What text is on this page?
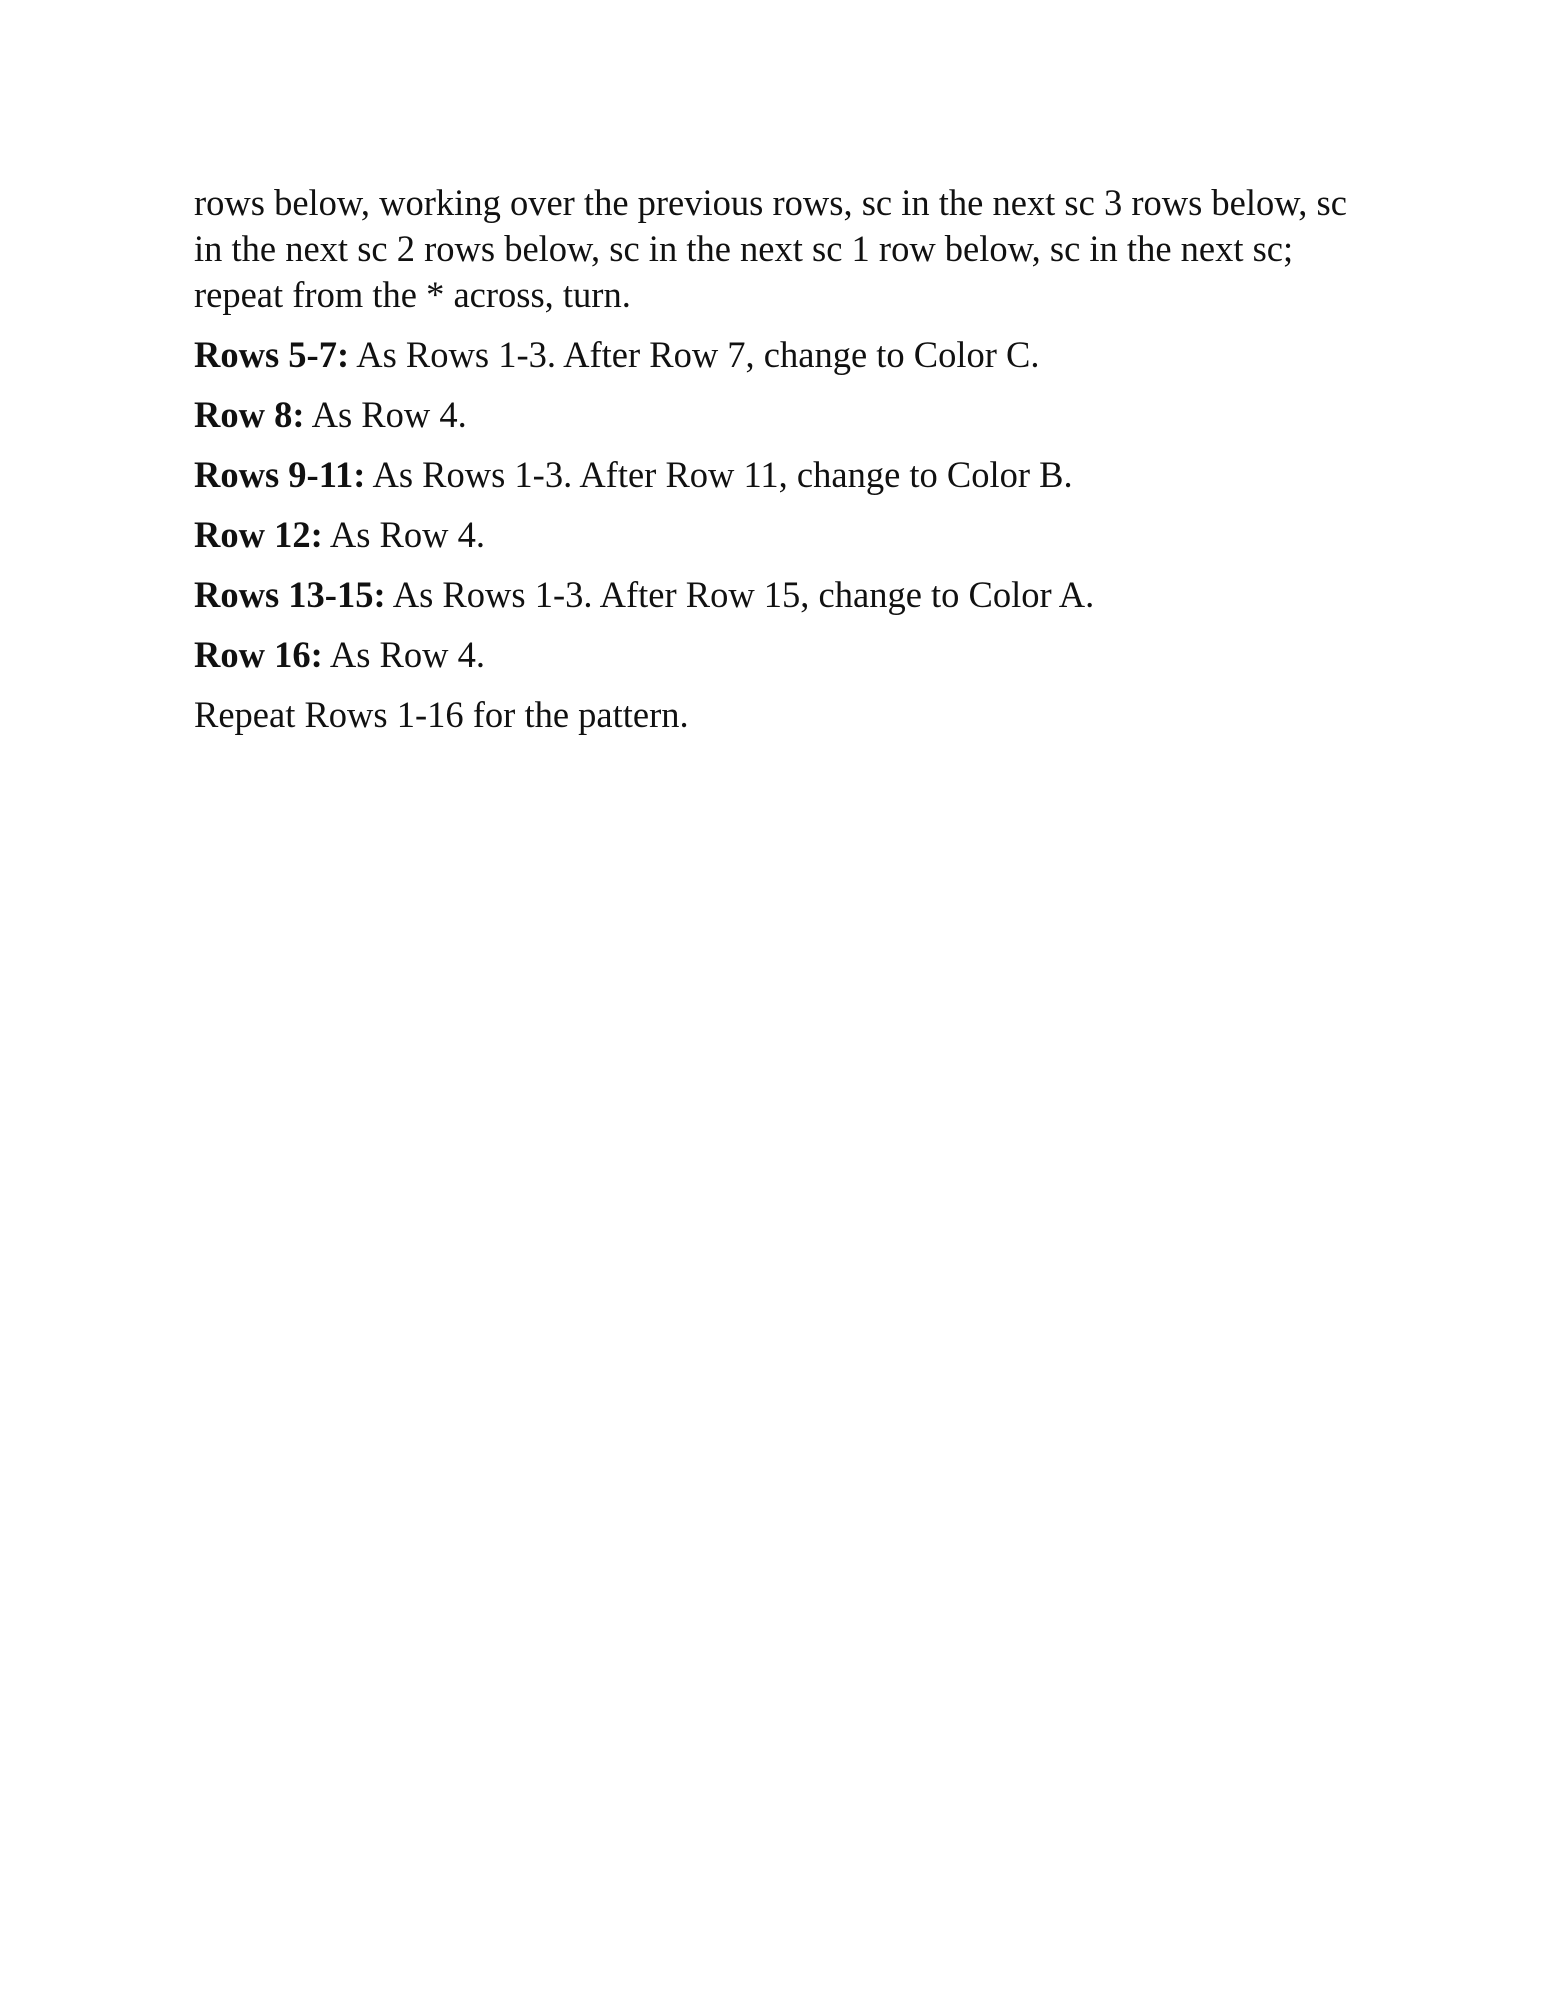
rows below, working over the previous rows, sc in the next sc 3 rows below, sc in the next sc 2 rows below, sc in the next sc 1 row below, sc in the next sc; repeat from the * across, turn.

Rows 5-7: As Rows 1-3. After Row 7, change to Color C.

Row 8: As Row 4.

Rows 9-11: As Rows 1-3. After Row 11, change to Color B.

Row 12: As Row 4.

Rows 13-15: As Rows 1-3. After Row 15, change to Color A.

Row 16: As Row 4.

Repeat Rows 1-16 for the pattern.
